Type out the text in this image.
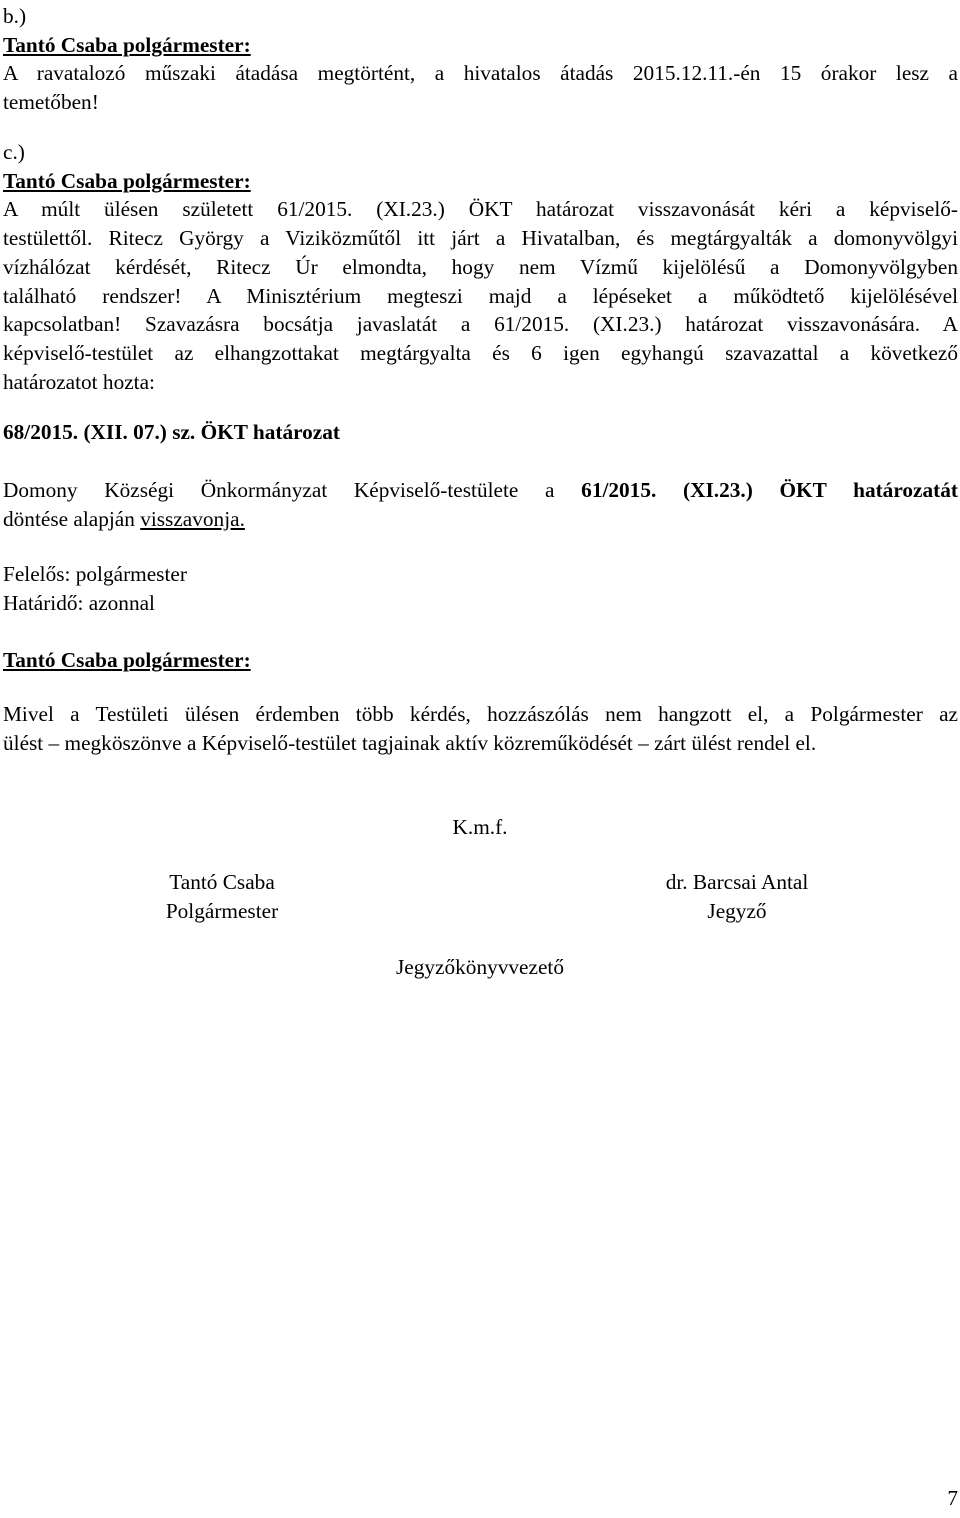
b.)
Tantó Csaba polgármester:
A ravatalozó műszaki átadása megtörtént, a hivatalos átadás 2015.12.11.-én 15 órakor lesz a
temetőben!
c.)
Tantó Csaba polgármester:
A múlt ülésen született 61/2015. (XI.23.) ÖKT határozat visszavonását kéri a képviselő-
testülettől. Ritecz György a Viziközműtől itt járt a Hivatalban, és megtárgyalták a domonyvölgyi
vízhálózat kérdését, Ritecz Úr elmondta, hogy nem Vízmű kijelölésű a Domonyvölgyben
található rendszer! A Minisztérium megteszi majd a lépéseket a működtető kijelölésével
kapcsolatban! Szavazásra bocsátja javaslatát a 61/2015. (XI.23.) határozat visszavonására. A
képviselő-testület az elhangzottakat megtárgyalta és 6 igen egyhangú szavazattal a következő
határozatot hozta:
68/2015. (XII. 07.) sz. ÖKT határozat
Domony Községi Önkormányzat Képviselő-testülete a 61/2015. (XI.23.) ÖKT határozatát
döntése alapján visszavonja.
Felelős: polgármester
Határidő: azonnal
Tantó Csaba polgármester:
Mivel a Testületi ülésen érdemben több kérdés, hozzászólás nem hangzott el, a Polgármester az
ülést – megköszönve a Képviselő-testület tagjainak aktív közreműködését – zárt ülést rendel el.
K.m.f.
Tantó Csaba
Polgármester
dr. Barcsai Antal
Jegyző
Jegyzőkönyvvezető
7
